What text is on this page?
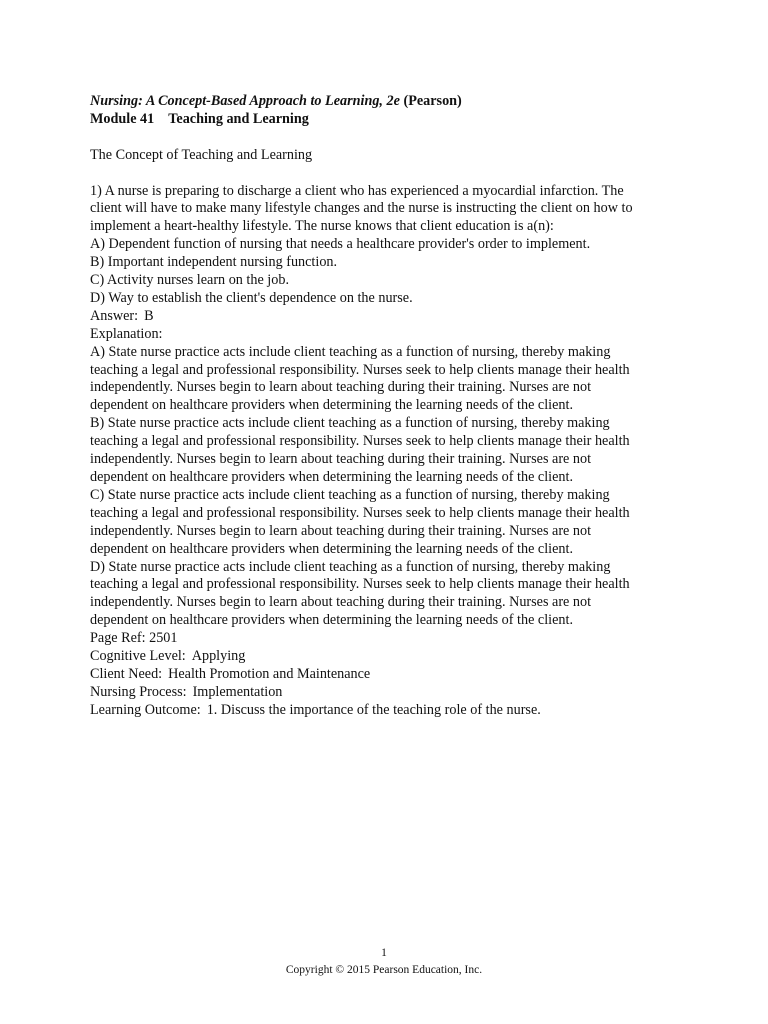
Nursing: A Concept-Based Approach to Learning, 2e (Pearson)
Module 41 Teaching and Learning
The Concept of Teaching and Learning
1) A nurse is preparing to discharge a client who has experienced a myocardial infarction. The
client will have to make many lifestyle changes and the nurse is instructing the client on how to
implement a heart-healthy lifestyle. The nurse knows that client education is a(n):
A) Dependent function of nursing that needs a healthcare provider's order to implement.
B) Important independent nursing function.
C) Activity nurses learn on the job.
D) Way to establish the client's dependence on the nurse.
Answer: B
Explanation:
A) State nurse practice acts include client teaching as a function of nursing, thereby making
teaching a legal and professional responsibility. Nurses seek to help clients manage their health
independently. Nurses begin to learn about teaching during their training. Nurses are not
dependent on healthcare providers when determining the learning needs of the client.
B) State nurse practice acts include client teaching as a function of nursing, thereby making
teaching a legal and professional responsibility. Nurses seek to help clients manage their health
independently. Nurses begin to learn about teaching during their training. Nurses are not
dependent on healthcare providers when determining the learning needs of the client.
C) State nurse practice acts include client teaching as a function of nursing, thereby making
teaching a legal and professional responsibility. Nurses seek to help clients manage their health
independently. Nurses begin to learn about teaching during their training. Nurses are not
dependent on healthcare providers when determining the learning needs of the client.
D) State nurse practice acts include client teaching as a function of nursing, thereby making
teaching a legal and professional responsibility. Nurses seek to help clients manage their health
independently. Nurses begin to learn about teaching during their training. Nurses are not
dependent on healthcare providers when determining the learning needs of the client.
Page Ref: 2501
Cognitive Level: Applying
Client Need: Health Promotion and Maintenance
Nursing Process: Implementation
Learning Outcome: 1. Discuss the importance of the teaching role of the nurse.
1
Copyright © 2015 Pearson Education, Inc.
